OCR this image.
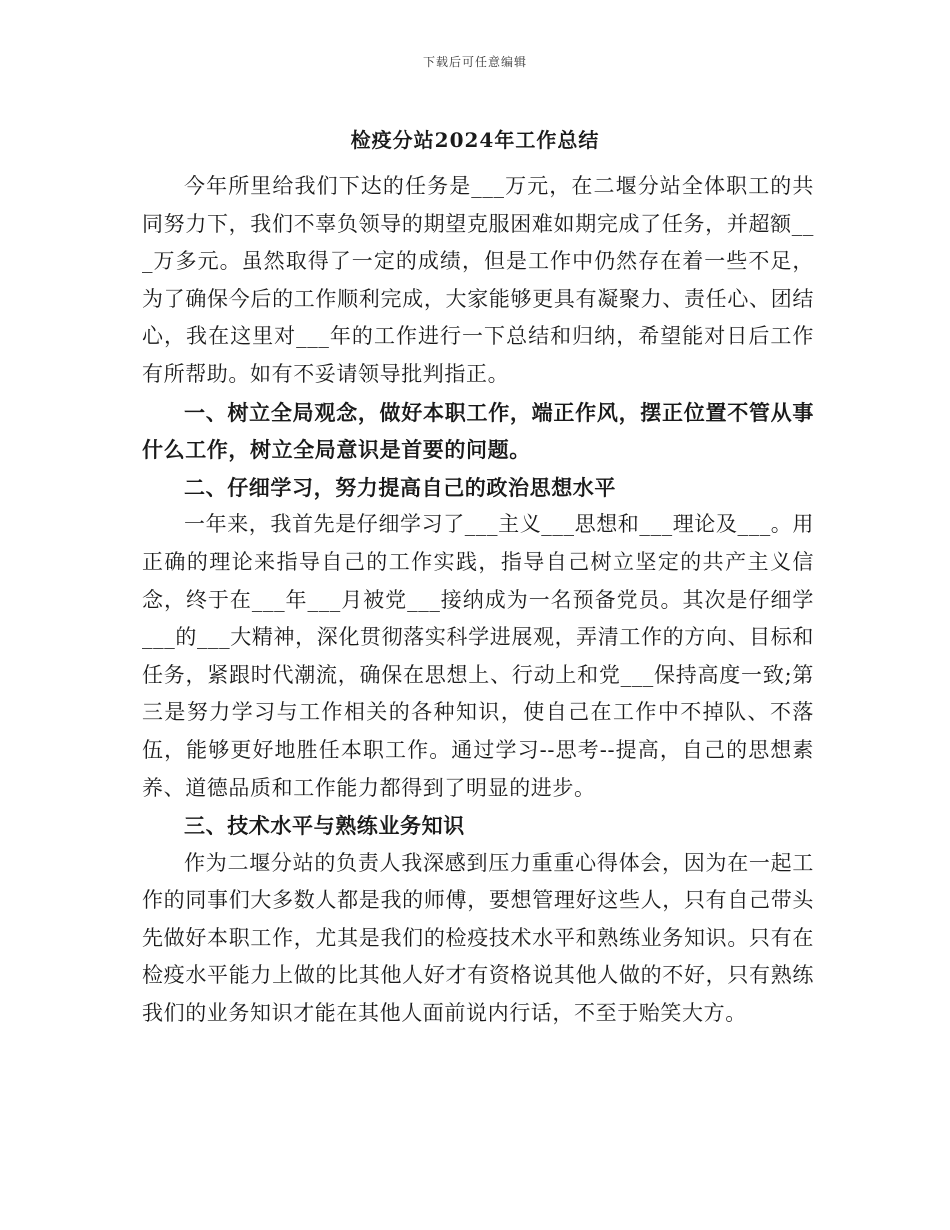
下载后可任意编辑
检疫分站2024年工作总结

今年所里给我们下达的任务是___万元，在二堰分站全体职工的共同努力下，我们不辜负领导的期望克服困难如期完成了任务，并超额___万多元。虽然取得了一定的成绩，但是工作中仍然存在着一些不足，为了确保今后的工作顺利完成，大家能够更具有凝聚力、责任心、团结心，我在这里对___年的工作进行一下总结和归纳，希望能对日后工作有所帮助。如有不妥请领导批判指正。

一、树立全局观念，做好本职工作，端正作风，摆正位置不管从事什么工作，树立全局意识是首要的问题。

二、仔细学习，努力提高自己的政治思想水平

一年来，我首先是仔细学习了___主义___思想和___理论及___。用正确的理论来指导自己的工作实践，指导自己树立坚定的共产主义信念，终于在___年___月被党___接纳成为一名预备党员。其次是仔细学___的___大精神，深化贯彻落实科学进展观，弄清工作的方向、目标和任务，紧跟时代潮流，确保在思想上、行动上和党___保持高度一致;第三是努力学习与工作相关的各种知识，使自己在工作中不掉队、不落伍，能够更好地胜任本职工作。通过学习--思考--提高，自己的思想素养、道德品质和工作能力都得到了明显的进步。

三、技术水平与熟练业务知识

作为二堰分站的负责人我深感到压力重重心得体会，因为在一起工作的同事们大多数人都是我的师傅，要想管理好这些人，只有自己带头先做好本职工作，尤其是我们的检疫技术水平和熟练业务知识。只有在检疫水平能力上做的比其他人好才有资格说其他人做的不好，只有熟练我们的业务知识才能在其他人面前说内行话，不至于贻笑大方。
